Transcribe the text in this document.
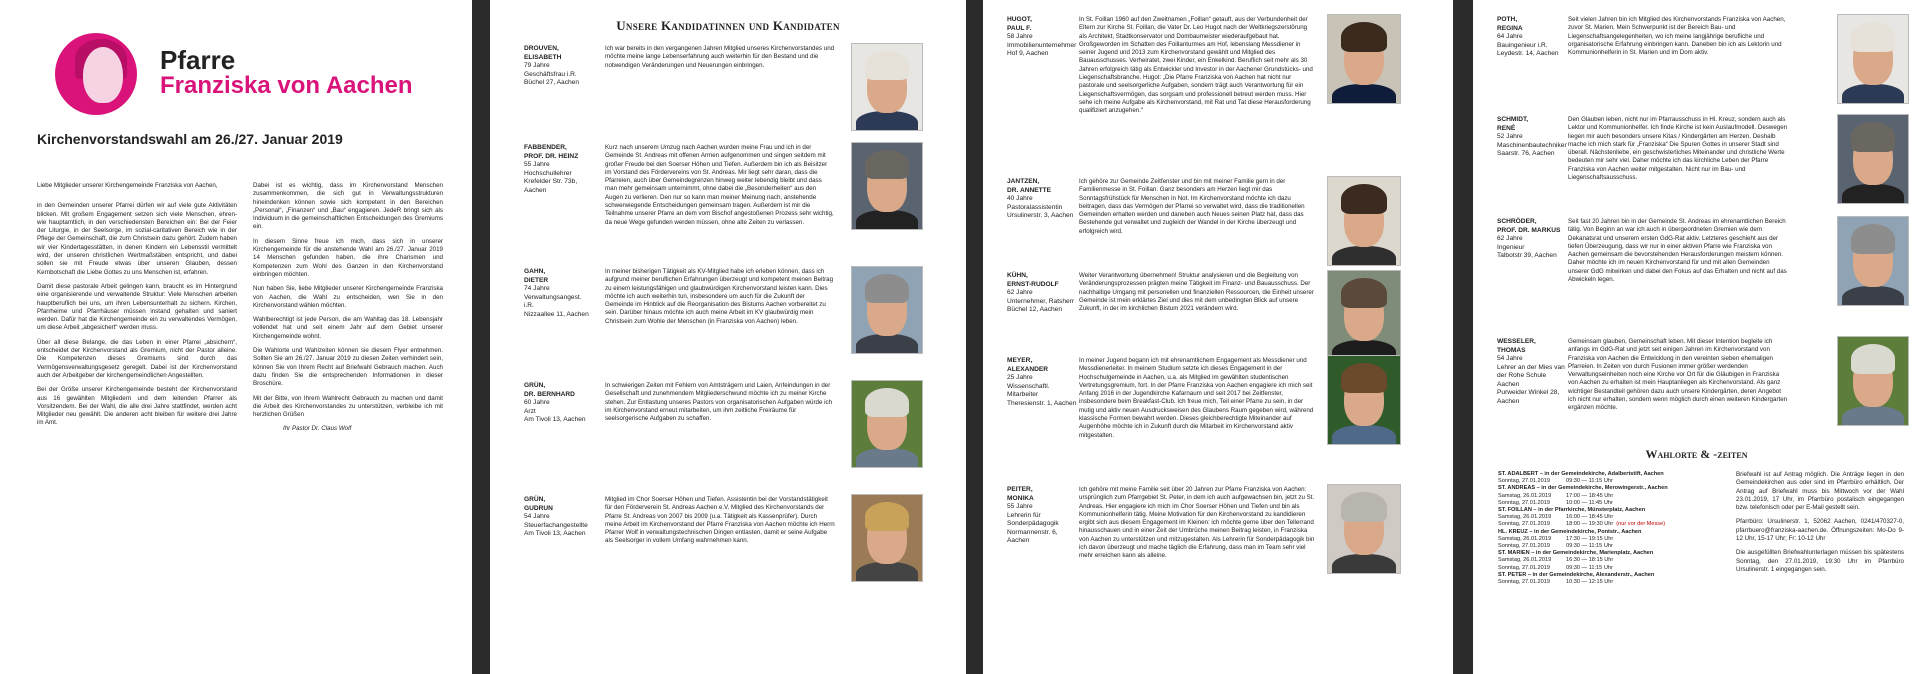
Pfarre
Franziska von Aachen
Kirchenvorstandswahl am 26./27. Januar 2019

Liebe Mitglieder unserer Kirchengemeinde Franziska von Aachen,

in den Gemeinden unserer Pfarrei dürfen wir auf viele gute Aktivitäten blicken. Mit großem Engagement setzen sich viele Menschen, ehren- wie hauptamtlich, in den verschiedensten Bereichen ein: Bei der Feier der Liturgie, in der Seelsorge, im sozial-caritativen Bereich wie in der Pflege der Gemeinschaft, die zum Christsein dazu gehört. Zudem haben wir vier Kindertagesstätten, in denen Kindern ein Lebensstil vermittelt wird, der unseren christlichen Wertmaßstäben entspricht, und dabei sollen sie mit Freude etwas über unseren Glauben, dessen Kernbotschaft die Liebe Gottes zu uns Menschen ist, erfahren.

Damit diese pastorale Arbeit gelingen kann, braucht es im Hintergrund eine organisierende und verwaltende Struktur: Viele Menschen arbeiten hauptberuflich bei uns, um ihren Lebensunterhalt zu sichern. Kirchen, Pfarrheime und Pfarrhäuser müssen instand gehalten und saniert werden. Dafür hat die Kirchengemeinde ein zu verwaltendes Vermögen, um diese Arbeit „abgesichert“ werden muss.

Über all diese Belange, die das Leben in einer Pfarrei „absichern“, entscheidet der Kirchenvorstand als Gremium, nicht der Pastor alleine. Die Kompetenzen dieses Gremiums sind durch das Vermögensverwaltungsgesetz geregelt. Dabei ist der Kirchenvorstand auch der Arbeitgeber der kirchengemeindlichen Angestellten.

Bei der Größe unserer Kirchengemeinde besteht der Kirchenvorstand aus 16 gewählten Mitgliedern und dem leitenden Pfarrer als Vorsitzendem. Bei der Wahl, die alle drei Jahre stattfindet, werden acht Mitglieder neu gewählt. Die anderen acht bleiben für weitere drei Jahre im Amt.

Dabei ist es wichtig, dass im Kirchenvorstand Menschen zusammenkommen, die sich gut in Verwaltungsstrukturen hineindenken können sowie sich kompetent in den Bereichen „Personal“, „Finanzen“ und „Bau“ engagieren. JedeR bringt sich als Individuum in die gemeinschaftlichen Entscheidungen des Gremiums ein.

In diesem Sinne freue ich mich, dass sich in unserer Kirchengemeinde für die anstehende Wahl am 26./27. Januar 2019 14 Menschen gefunden haben, die ihre Charismen und Kompetenzen zum Wohl des Ganzen in den Kirchenvorstand einbringen möchten.

Nun haben Sie, liebe Mitglieder unserer Kirchengemeinde Franziska von Aachen, die Wahl zu entscheiden, wen Sie in den Kirchenvorstand wählen möchten.

Wahlberechtigt ist jede Person, die am Wahltag das 18. Lebensjahr vollendet hat und seit einem Jahr auf dem Gebiet unserer Kirchengemeinde wohnt.

Die Wahlorte und Wahlzeiten können sie diesem Flyer entnehmen. Sollten Sie am 26./27. Januar 2019 zu diesen Zeiten verhindert sein, können Sie von Ihrem Recht auf Briefwahl Gebrauch machen. Auch dazu finden Sie die entsprechenden Informationen in dieser Broschüre.

Mit der Bitte, von Ihrem Wahlrecht Gebrauch zu machen und damit die Arbeit des Kirchenvorstandes zu unterstützen, verbleibe ich mit herzlichen Grüßen

Ihr Pastor Dr. Claus Wolf

Unsere Kandidatinnen und Kandidaten
DROUVEN,
ELISABETH
79 Jahre
Geschäftsfrau i.R.
Büchel 27, Aachen
Ich war bereits in den vergangenen Jahren Mitglied unseres Kirchenvorstandes und möchte meine lange Lebenserfahrung auch weiterhin für den Bestand und die notwendigen Veränderungen und Neuerungen einbringen.
FABBENDER,
PROF. DR. HEINZ
55 Jahre
Hochschullehrer
Krefelder Str. 73b, Aachen
Kurz nach unserem Umzug nach Aachen wurden meine Frau und ich in der Gemeinde St. Andreas mit offenen Armen aufgenommen und singen seitdem mit großer Freude bei den Soerser Höhen und Tiefen. Außerdem bin ich als Beisitzer im Vorstand des Fördervereins von St. Andreas. Mir liegt sehr daran, dass die Pfarreien, auch über Gemeindegrenzen hinweg weiter lebendig bleibt und dass man mehr gemeinsam unternimmt, ohne dabei die „Besonderheiten“ aus den Augen zu verlieren. Den nur so kann man meiner Meinung nach, anstehende schwerwiegende Entscheidungen gemeinsam tragen. Außerdem ist mir die Teilnahme unserer Pfarre an dem vom Bischof angestoßenen Prozess sehr wichtig, da neue Wege gefunden werden müssen, ohne alte Zeiten zu verlassen.
GAHN,
DIETER
74 Jahre
Verwaltungsangest. i.R.
Nizzaallee 11, Aachen
In meiner bisherigen Tätigkeit als KV-Mitglied habe ich erleben können, dass ich aufgrund meiner beruflichen Erfahrungen überzeugt und kompetent meinen Beitrag zu einem leistungsfähigen und glaubwürdigen Kirchenvorstand leisten kann. Dies möchte ich auch weiterhin tun, insbesondere um auch für die Zukunft der Gemeinde im Hinblick auf die Reorganisation des Bistums Aachen vorbereitet zu sein. Darüber hinaus möchte ich auch meine Arbeit im KV glaubwürdig mein Christsein zum Wohle der Menschen (in Franziska von Aachen) leben.
GRÜN,
DR. BERNHARD
60 Jahre
Arzt
Am Tivoli 13, Aachen
In schwierigen Zeiten mit Fehlern von Amtsträgern und Laien, Anfeindungen in der Gesellschaft und zunehmendem Mitgliederschwund möchte ich zu meiner Kirche stehen. Zur Entlastung unseres Pastors von organisatorischen Aufgaben würde ich im Kirchenvorstand erneut mitarbeiten, um ihm zeitliche Freiräume für seelsorgerische Aufgaben zu schaffen.
GRÜN,
GUDRUN
54 Jahre
Steuerfachangestellte
Am Tivoli 13, Aachen
Mitglied im Chor Soerser Höhen und Tiefen. Assistentin bei der Vorstandstätigkeit für den Förderverein St. Andreas Aachen e.V. Mitglied des Kirchenvorstands der Pfarre St. Andreas von 2007 bis 2009 (u.a. Tätigkeit als Kassenprüfer). Durch meine Arbeit im Kirchenvorstand der Pfarre Franziska von Aachen möchte ich Herrn Pfarrer Wolf in verwaltungstechnischen Dingen entlasten, damit er seine Aufgabe als Seelsorger in vollem Umfang wahrnehmen kann.
HUGOT,
PAUL F.
58 Jahre
Immobilienunternehmer
Hof 9, Aachen
In St. Foillan 1960 auf den Zweitnamen „Foillan“ getauft, aus der Verbundenheit der Eltern zur Kirche St. Foillan, die Vater Dr. Leo Hugot nach der Weltkriegszerstörung als Architekt, Stadtkonservator und Dombaumeister wiederaufgebaut hat. Großgeworden im Schatten des Foillanturmes am Hof, lebenslang Messdiener in seiner Jugend und 2013 zum Kirchenvorstand gewählt und Mitglied des Bauausschusses. Verheiratet, zwei Kinder, ein Enkelkind. Beruflich seit mehr als 30 Jahren erfolgreich tätig als Entwickler und Investor in der Aachener Grundstücks- und Liegenschaftsbranche. Hugot: „Die Pfarre Franziska von Aachen hat nicht nur pastorale und seelsorgerliche Aufgaben, sondern trägt auch Verantwortung für ein Liegenschaftsvermögen, das sorgsam und professionell betreut werden muss. Hier sehe ich meine Aufgabe als Kirchenvorstand, mit Rat und Tat diese Herausforderung qualifiziert anzugehen.“
JANTZEN,
DR. ANNETTE
40 Jahre
Pastoralassistentin
Ursulinerstr. 3, Aachen
Ich gehöre zur Gemeinde Zeitfenster und bin mit meiner Familie gern in der Familienmesse in St. Foillan. Ganz besonders am Herzen liegt mir das Sonntagsfrühstück für Menschen in Not. Im Kirchenvorstand möchte ich dazu beitragen, dass das Vermögen der Pfarrei so verwaltet wird, dass die traditionellen Gemeinden erhalten werden und daneben auch Neues seinen Platz hat, dass das Bestehende gut verwaltet und zugleich der Wandel in der Kirche überzeugt und erfolgreich wird.
KÜHN,
ERNST-RUDOLF
62 Jahre
Unternehmer, Ratsherr
Büchel 12, Aachen
Weiter Verantwortung übernehmen! Struktur analysieren und die Begleitung von Veränderungsprozessen prägten meine Tätigkeit im Finanz- und Bauausschuss. Der nachhaltige Umgang mit personellen und finanziellen Ressourcen, die Einheit unserer Gemeinde ist mein erklärtes Ziel und dies mit dem unbedingten Blick auf unsere Zukunft, in der im kirchlichen Bistum 2021 verändern wird.
MEYER,
ALEXANDER
25 Jahre
Wissenschaftl. Mitarbeiter
Theresienstr. 1, Aachen
In meiner Jugend begann ich mit ehrenamtlichem Engagement als Messdiener und Messdienerleiter. In meinem Studium setzte ich dieses Engagement in der Hochschulgemeinde in Aachen, u.a. als Mitglied im gewählten studentischen Vertretungsgremium, fort. In der Pfarre Franziska von Aachen engagiere ich mich seit Anfang 2016 in der Jugendkirche Kafarnaum und seit 2017 bei Zeitfenster, insbesondere beim Breakfast-Club. Ich freue mich, Teil einer Pfarre zu sein, in der mutig und aktiv neuen Ausdrucksweisen des Glaubens Raum gegeben wird, während klassische Formen bewahrt werden. Dieses gleichberechtigte Miteinander auf Augenhöhe möchte ich in Zukunft durch die Mitarbeit im Kirchenvorstand aktiv mitgestalten.
PEITER,
MONIKA
55 Jahre
Lehrerin für Sonderpädagogik
Normannenstr. 6, Aachen
Ich gehöre mit meine Familie seit über 20 Jahren zur Pfarre Franziska von Aachen: ursprünglich zum Pfarrgebiet St. Peter, in dem ich auch aufgewachsen bin, jetzt zu St. Andreas. Hier engagiere ich mich im Chor Soerser Höhen und Tiefen und bin als Kommunionhelferin tätig. Meine Motivation für den Kirchenvorstand zu kandidieren ergibt sich aus diesem Engagement im Kleinen: ich möchte gerne über den Tellerrand hinausschauen und in einer Zeit der Umbrüche meinen Beitrag leisten, in Franziska von Aachen zu unterstützen und mitzugestalten. Als Lehrerin für Sonderpädagogik bin ich davon überzeugt und mache täglich die Erfahrung, dass man im Team sehr viel mehr erreichen kann als alleine.
POTH,
REGINA
64 Jahre
Bauingenieur i.R.
Leydestr. 14, Aachen
Seit vielen Jahren bin ich Mitglied des Kirchenvorstands Franziska von Aachen, zuvor St. Marien. Mein Schwerpunkt ist der Bereich Bau- und Liegenschaftsangelegenheiten, wo ich meine langjährige berufliche und organisatorische Erfahrung einbringen kann. Daneben bin ich als Lektorin und Kommunionhelferin in St. Marien und im Dom aktiv.
SCHMIDT,
RENÉ
52 Jahre
Maschinenbautechniker
Saarstr. 76, Aachen
Den Glauben leben, nicht nur im Pfarrausschuss in Hl. Kreuz, sondern auch als Lektor und Kommunionhelfer. Ich finde Kirche ist kein Auslaufmodell. Deswegen liegen mir auch besonders unsere Kitas / Kindergärten am Herzen. Deshalb mache ich mich stark für „Franziska“ Die Spuren Gottes in unserer Stadt sind überall. Nächstenliebe, ein geschwisterliches Miteinander und christliche Werte bedeuten mir sehr viel. Daher möchte ich das kirchliche Leben der Pfarre Franziska von Aachen weiter mitgestalten. Nicht nur im Bau- und Liegenschaftsausschuss.
SCHRÖDER,
PROF. DR. MARKUS
62 Jahre
Ingenieur
Talbotstr 39, Aachen
Seit fast 20 Jahren bin in der Gemeinde St. Andreas im ehrenamtlichen Bereich tätig. Von Beginn an war ich auch in übergeordneten Gremien wie dem Dekanatsrat und unserem ersten GdG-Rat aktiv. Letzteres geschieht aus der tiefen Überzeugung, dass wir nur in einer aktiven Pfarre wie Franziska von Aachen gemeinsam die bevorstehenden Herausforderungen meistern können. Daher möchte ich im neuen Kirchenvorstand für und mit allen Gemeinden unserer GdG mitwirken und dabei den Fokus auf das Erhalten und nicht auf das Abwickeln legen.
WESSELER,
THOMAS
54 Jahre
Lehrer an der Mies van der Rohe Schule Aachen
Purweider Winkel 28, Aachen
Gemeinsam glauben, Gemeinschaft leben. Mit dieser Intention begleite ich anfangs im GdG-Rat und jetzt seit einigen Jahren im Kirchenvorstand von Franziska von Aachen die Entwicklung in den vereinten sieben ehemaligen Pfarreien. In Zeiten von durch Fusionen immer größer werdenden Verwaltungseinheiten noch eine Kirche vor Ort für die Gläubigen in Franziska von Aachen zu erhalten ist mein Hauptanliegen als Kirchenvorstand. Als ganz wichtiger Bestandteil gehören dazu auch unsere Kindergärten, deren Angebot ich nicht nur erhalten, sondern wenn möglich durch einen weiteren Kindergarten ergänzen möchte.
Wahlorte & -zeiten
ST. ADALBERT – in der Gemeindekirche, Adalbertstift, Aachen
Sonntag, 27.01.2019	09:30 — 11:15 Uhr
ST. ANDREAS – in der Gemeindekirche, Merowingerstr., Aachen
Samstag, 26.01.2019	17:00 — 18:45 Uhr
Sonntag, 27.01.2019	10:00 — 11:45 Uhr
ST. FOILLAN – in der Pfarrkirche, Münsterplatz, Aachen
Samstag, 26.01.2019	16:00 — 18:45 Uhr
Sonntag, 27.01.2019	18:00 — 19:30 Uhr (nur vor der Messe)
HL. KREUZ – in der Gemeindekirche, Pontstr., Aachen
Samstag, 26.01.2019	17:30 — 19:15 Uhr
Sonntag, 27.01.2019	09:30 — 11:15 Uhr
ST. MARIEN – in der Gemeindekirche, Marienplatz, Aachen
Samstag, 26.01.2019	16:30 — 18:15 Uhr
Sonntag, 27.01.2019	09:30 — 11:15 Uhr
ST. PETER – in der Gemeindekirche, Alexanderstr., Aachen
Sonntag, 27.01.2019	10:30 — 12:15 Uhr

Briefwahl ist auf Antrag möglich. Die Anträge liegen in den Gemeindekirchen aus oder sind im Pfarrbüro erhältlich. Der Antrag auf Briefwahl muss bis Mittwoch vor der Wahl 23.01.2019, 17 Uhr, im Pfarrbüro postalisch eingegangen bzw. telefonisch oder per E-Mail gestellt sein.

Pfarrbüro: Ursulinerstr. 1, 52062 Aachen, 0241/470327-0, pfarrbuero@franziska-aachen.de. Öffnungszeiten: Mo-Do 9-12 Uhr, 15-17 Uhr; Fr: 10-12 Uhr

Die ausgefüllten Briefwahlunterlagen müssen bis spätestens Sonntag, den 27.01.2019, 19:30 Uhr im Pfarrbüro Ursulinerstr. 1 eingegangen sein.
